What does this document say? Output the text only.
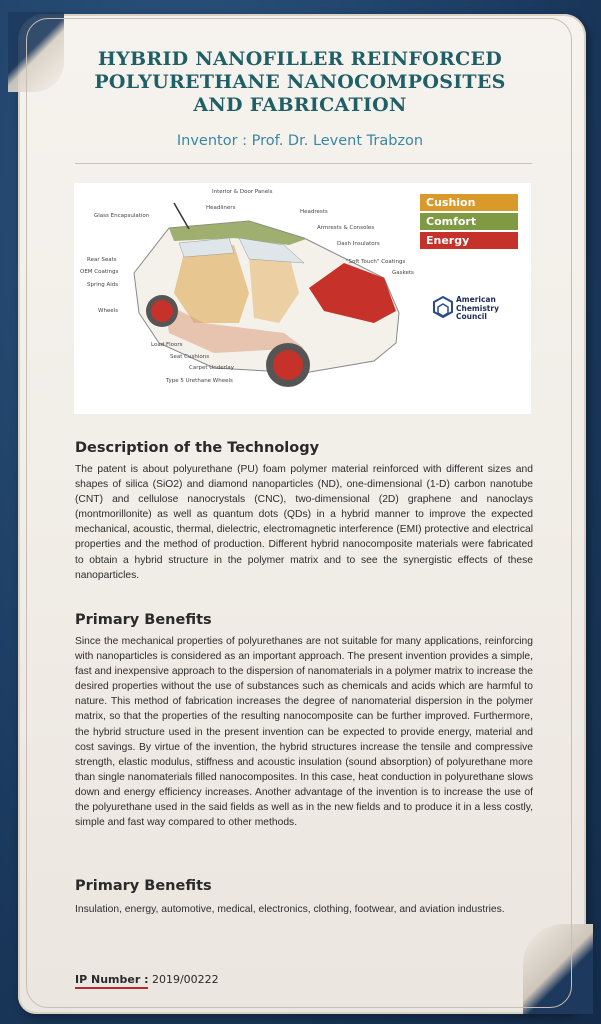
HYBRID NANOFILLER REINFORCED POLYURETHANE NANOCOMPOSITES AND FABRICATION
Inventor : Prof. Dr. Levent Trabzon
Interior & Door Panels
Headliners
Glass Encapsulation
Headrests
Armrests & Consoles
Dash Insulators
"Soft Touch" Coatings
Gaskets
Rear Seats
OEM Coatings
Spring Aids
Wheels
Load Floors
Seat Cushions
Carpet Underlay
Type 5 Urethane Wheels
Cushion
Comfort
Energy Efficiency
American Chemistry Council
Description of the Technology
The patent is about polyurethane (PU) foam polymer material reinforced with different sizes and shapes of silica (SiO2) and diamond nanoparticles (ND), one-dimensional (1-D) carbon nanotube (CNT) and cellulose nanocrystals (CNC), two-dimensional (2D) graphene and nanoclays (montmorillonite) as well as quantum dots (QDs) in a hybrid manner to improve the expected mechanical, acoustic, thermal, dielectric, electromagnetic interference (EMI) protective and electrical properties and the method of production. Different hybrid nanocomposite materials were fabricated to obtain a hybrid structure in the polymer matrix and to see the synergistic effects of these nanoparticles.
Primary Benefits
Since the mechanical properties of polyurethanes are not suitable for many applications, reinforcing with nanoparticles is considered as an important approach. The present invention provides a simple, fast and inexpensive approach to the dispersion of nanomaterials in a polymer matrix to increase the desired properties without the use of substances such as chemicals and acids which are harmful to nature. This method of fabrication increases the degree of nanomaterial dispersion in the polymer matrix, so that the properties of the resulting nanocomposite can be further improved. Furthermore, the hybrid structure used in the present invention can be expected to provide energy, material and cost savings. By virtue of the invention, the hybrid structures increase the tensile and compressive strength, elastic modulus, stiffness and acoustic insulation (sound absorption) of polyurethane more than single nanomaterials filled nanocomposites. In this case, heat conduction in polyurethane slows down and energy efficiency increases. Another advantage of the invention is to increase the use of the polyurethane used in the said fields as well as in the new fields and to produce it in a less costly, simple and fast way compared to other methods.
Primary Benefits
Insulation, energy, automotive, medical, electronics, clothing, footwear, and aviation industries.
IP Number : 2019/00222
